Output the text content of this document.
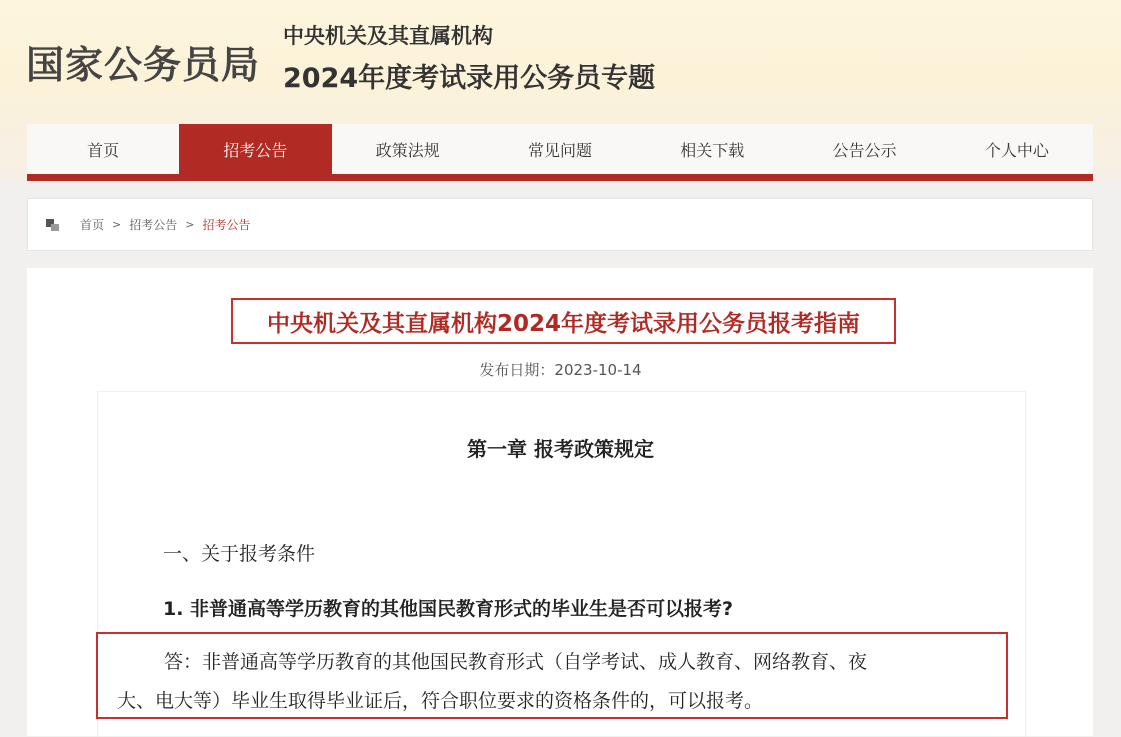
国家公务员局
中央机关及其直属机构
2024年度考试录用公务员专题
首页	招考公告	政策法规	常见问题	相关下载	公告公示	个人中心
首页 > 招考公告 > 招考公告
中央机关及其直属机构2024年度考试录用公务员报考指南
发布日期：2023-10-14
第一章 报考政策规定
一、关于报考条件
1. 非普通高等学历教育的其他国民教育形式的毕业生是否可以报考?
答：非普通高等学历教育的其他国民教育形式（自学考试、成人教育、网络教育、夜
大、电大等）毕业生取得毕业证后，符合职位要求的资格条件的，可以报考。
